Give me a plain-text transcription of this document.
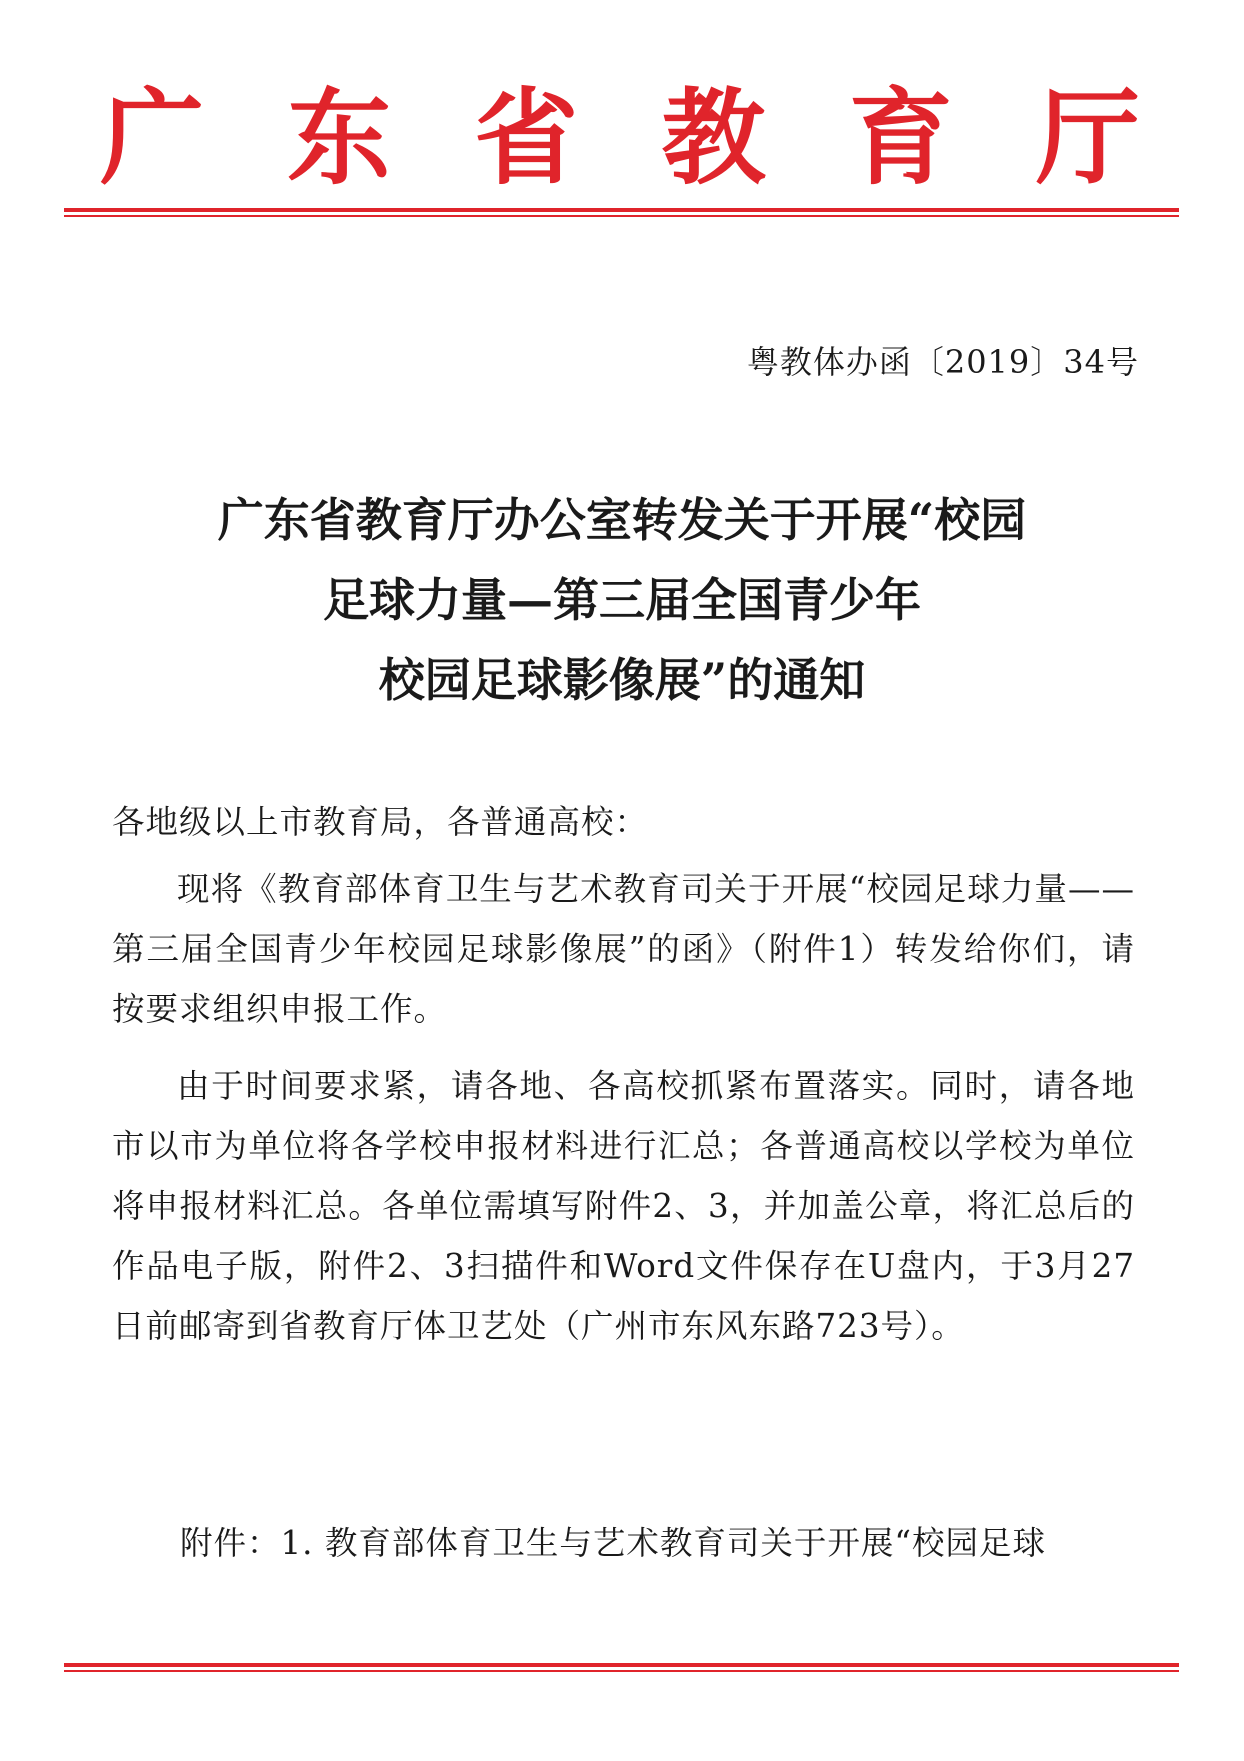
广 东 省 教 育 厅
粤教体办函〔2019〕34号
广东省教育厅办公室转发关于开展“校园
足球力量—第三届全国青少年
校园足球影像展”的通知
各地级以上市教育局，各普通高校：
现将《教育部体育卫生与艺术教育司关于开展“校园足球力量——第三届全国青少年校园足球影像展”的函》（附件1）转发给你们，请按要求组织申报工作。
由于时间要求紧，请各地、各高校抓紧布置落实。同时，请各地市以市为单位将各学校申报材料进行汇总；各普通高校以学校为单位将申报材料汇总。各单位需填写附件2、3，并加盖公章，将汇总后的作品电子版，附件2、3扫描件和Word文件保存在U盘内，于3月27日前邮寄到省教育厅体卫艺处（广州市东风东路723号）。
附件：1. 教育部体育卫生与艺术教育司关于开展“校园足球
